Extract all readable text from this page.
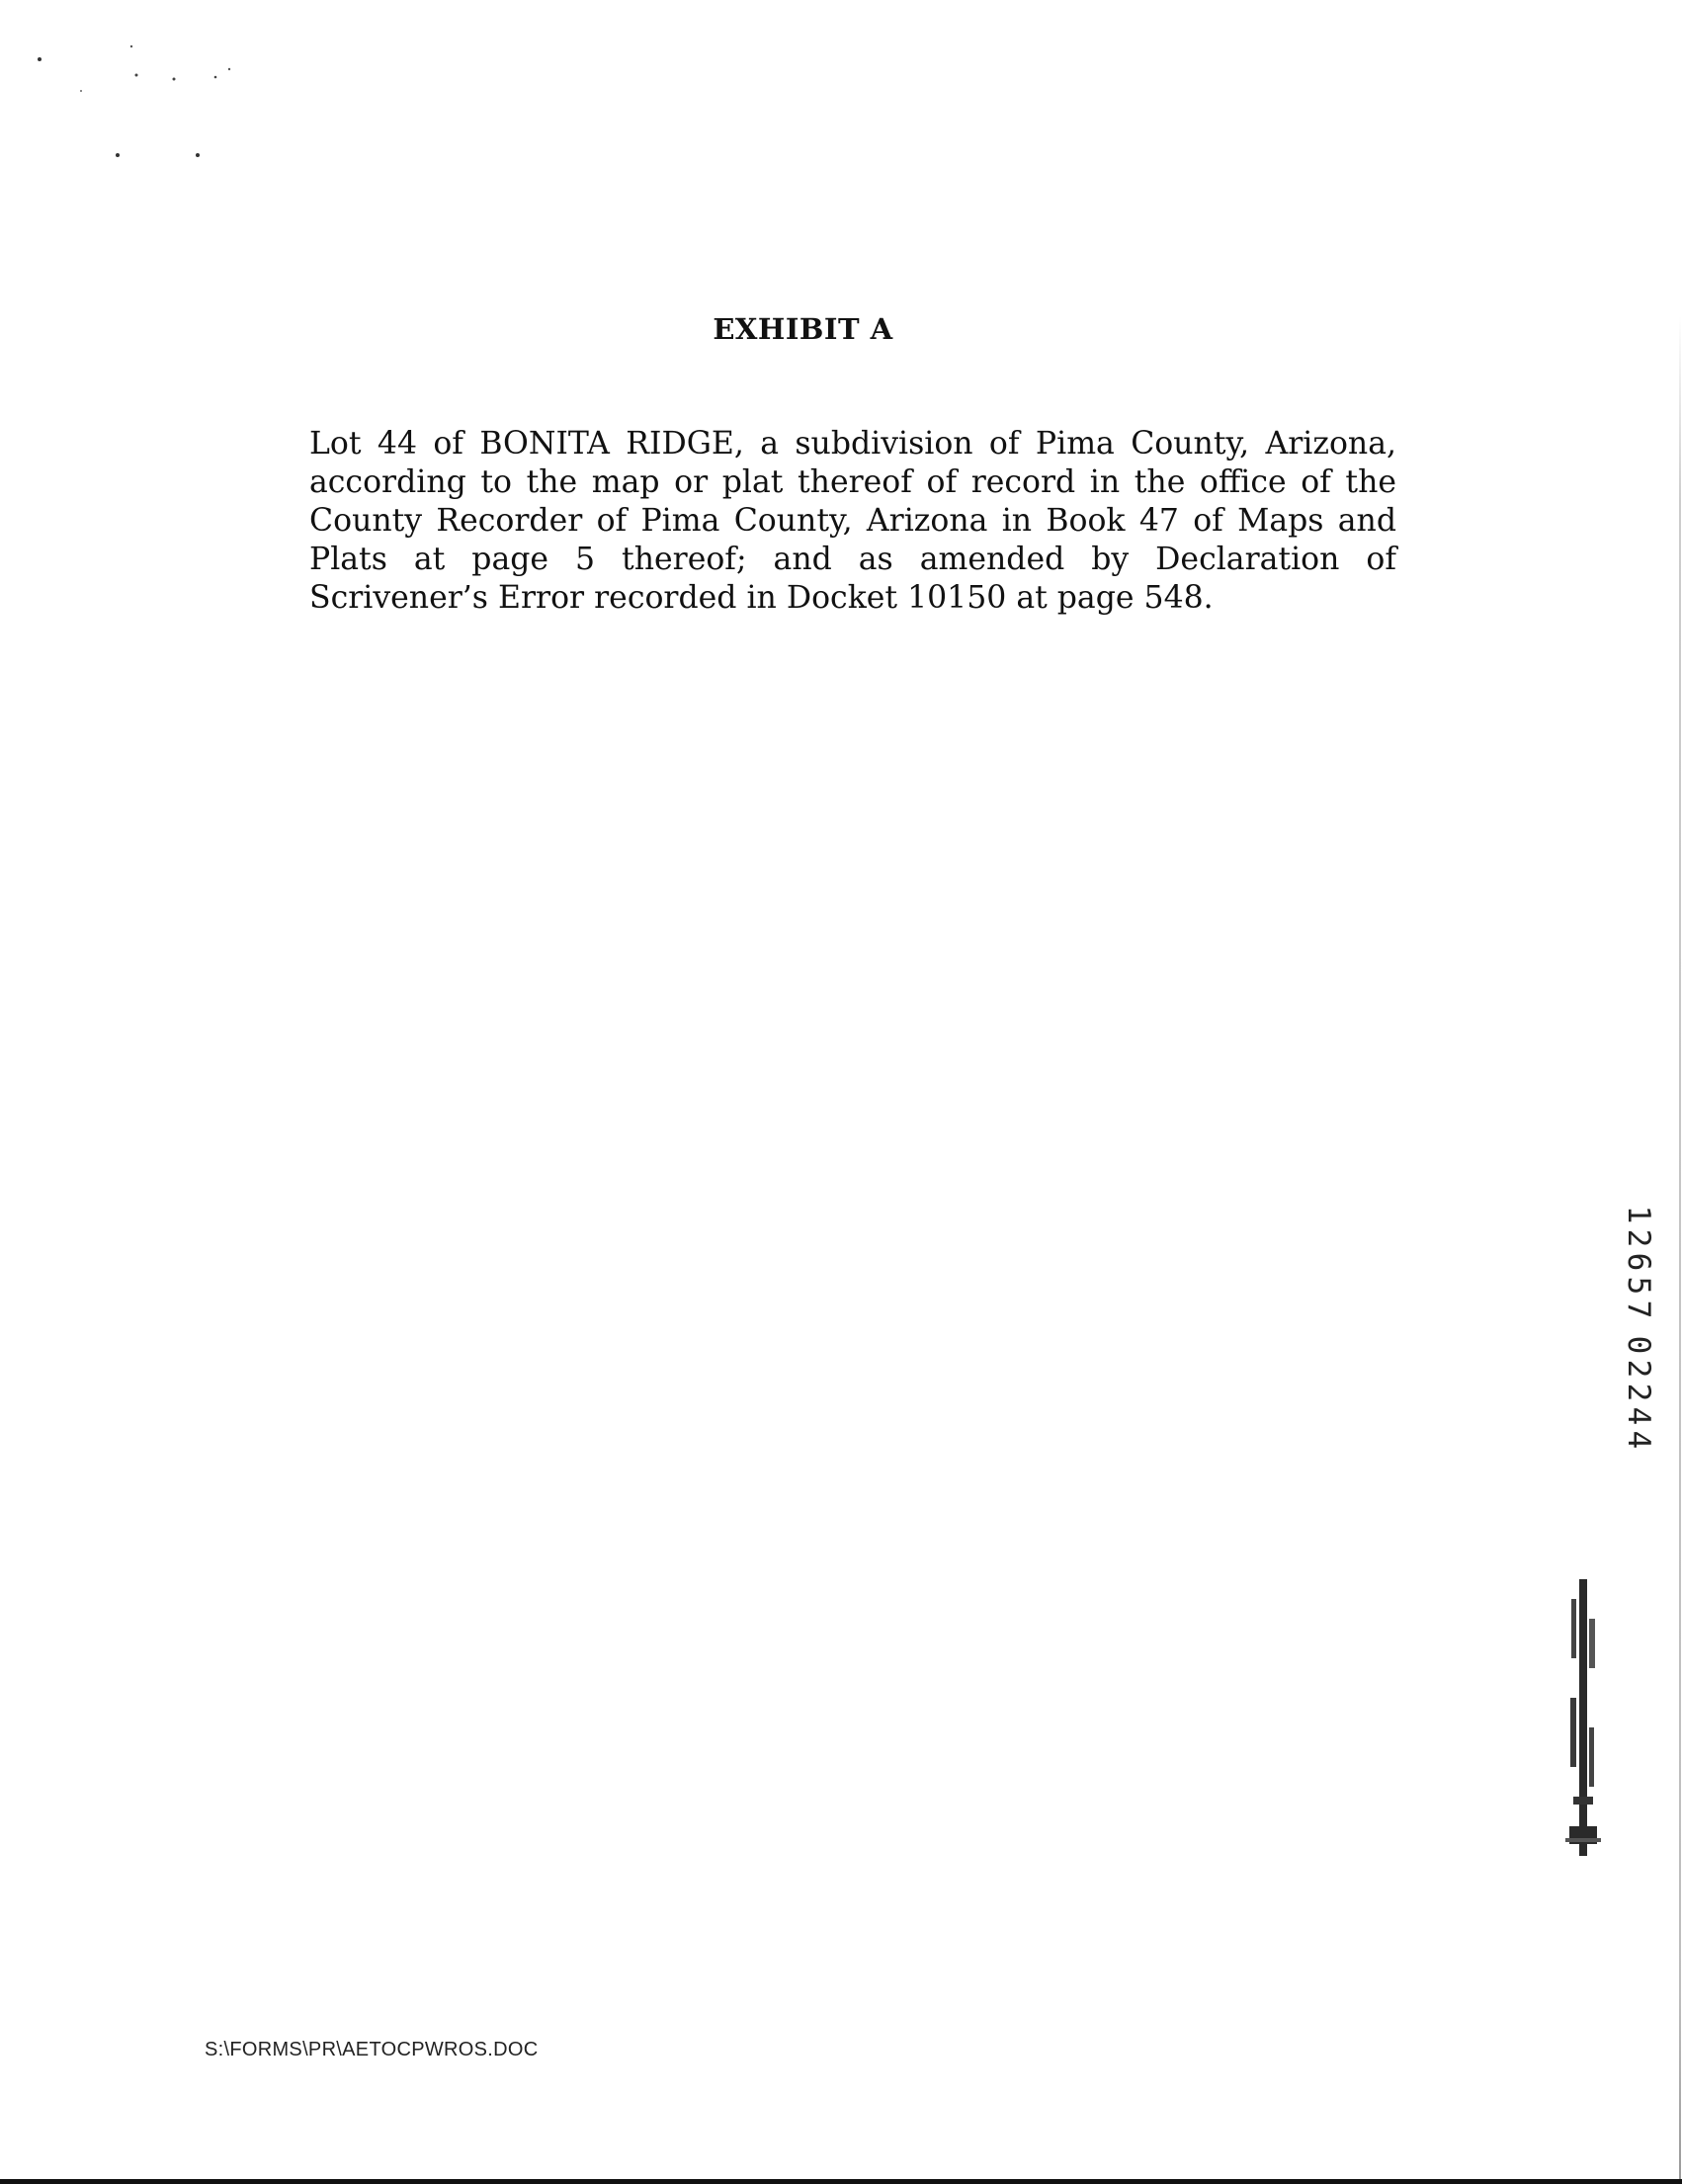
EXHIBIT A

Lot 44 of BONITA RIDGE, a subdivision of Pima County, Arizona, according to the map or plat thereof of record in the office of the County Recorder of Pima County, Arizona in Book 47 of Maps and Plats at page 5 thereof; and as amended by Declaration of Scrivener’s Error recorded in Docket 10150 at page 548.

1
2
6
5
7

0
2
2
4
4

S:\FORMS\PR\AETOCPWROS.DOC
